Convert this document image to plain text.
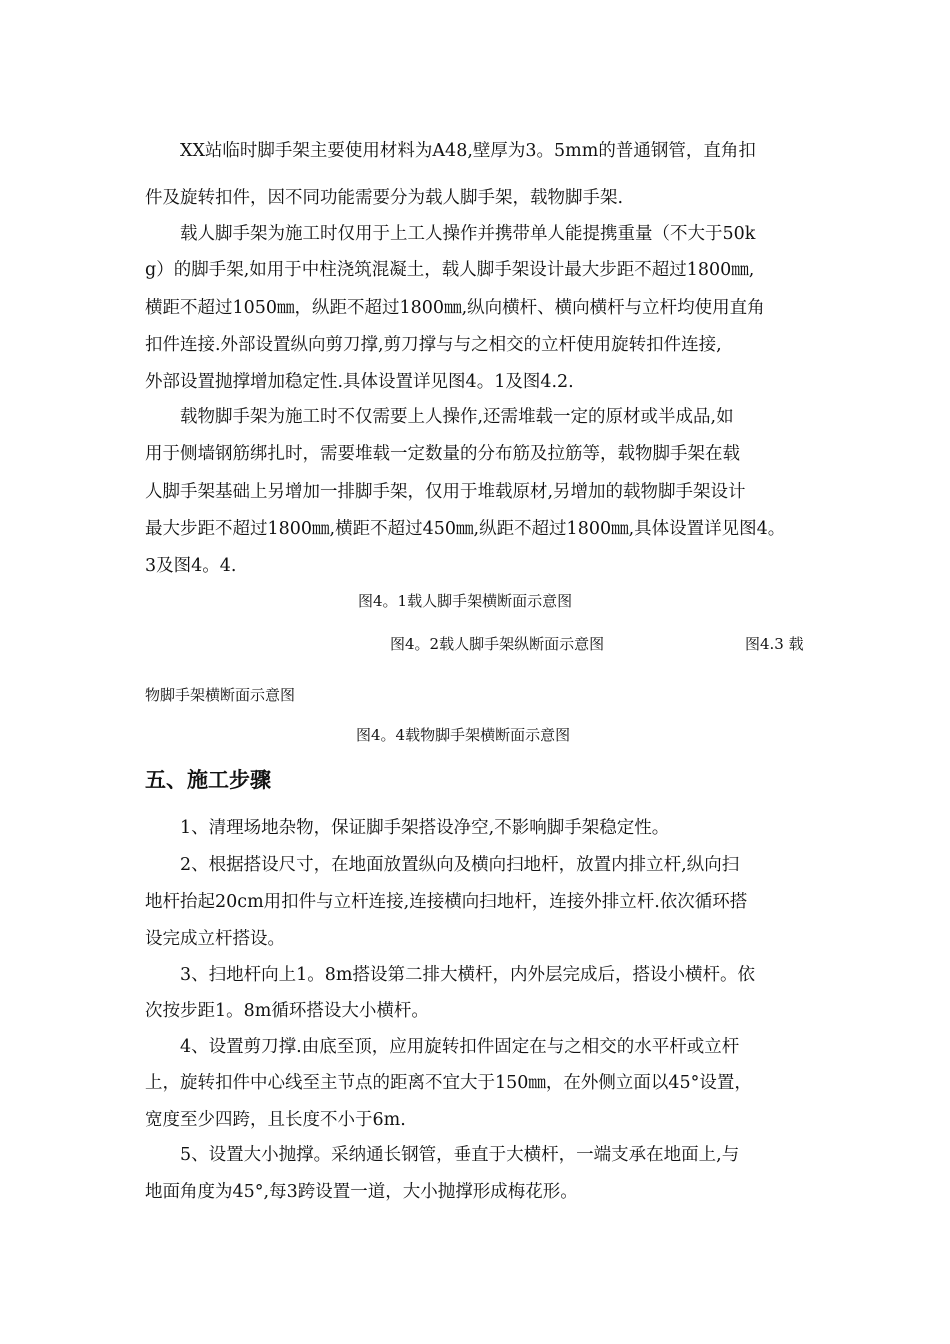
XX站临时脚手架主要使用材料为Α48,壁厚为3。5mm的普通钢管，直角扣
件及旋转扣件，因不同功能需要分为载人脚手架，载物脚手架.
载人脚手架为施工时仅用于上工人操作并携带单人能提携重量（不大于50k
g）的脚手架,如用于中柱浇筑混凝土，载人脚手架设计最大步距不超过1800㎜,
横距不超过1050㎜，纵距不超过1800㎜,纵向横杆、横向横杆与立杆均使用直角
扣件连接.外部设置纵向剪刀撑,剪刀撑与与之相交的立杆使用旋转扣件连接,
外部设置抛撑增加稳定性.具体设置详见图4。1及图4.2.
载物脚手架为施工时不仅需要上人操作,还需堆载一定的原材或半成品,如
用于侧墙钢筋绑扎时，需要堆载一定数量的分布筋及拉筋等，载物脚手架在载
人脚手架基础上另增加一排脚手架，仅用于堆载原材,另增加的载物脚手架设计
最大步距不超过1800㎜,横距不超过450㎜,纵距不超过1800㎜,具体设置详见图4。
3及图4。4.
图4。1载人脚手架横断面示意图
图4。2载人脚手架纵断面示意图	图4.3 载
物脚手架横断面示意图
图4。4载物脚手架横断面示意图
五、施工步骤
1、清理场地杂物，保证脚手架搭设净空,不影响脚手架稳定性。
2、根据搭设尺寸，在地面放置纵向及横向扫地杆，放置内排立杆,纵向扫
地杆抬起20cm用扣件与立杆连接,连接横向扫地杆，连接外排立杆.依次循环搭
设完成立杆搭设。
3、扫地杆向上1。8m搭设第二排大横杆，内外层完成后，搭设小横杆。依
次按步距1。8m循环搭设大小横杆。
4、设置剪刀撑.由底至顶，应用旋转扣件固定在与之相交的水平杆或立杆
上，旋转扣件中心线至主节点的距离不宜大于150㎜，在外侧立面以45°设置，
宽度至少四跨，且长度不小于6m.
5、设置大小抛撑。采纳通长钢管，垂直于大横杆，一端支承在地面上,与
地面角度为45°,每3跨设置一道，大小抛撑形成梅花形。
